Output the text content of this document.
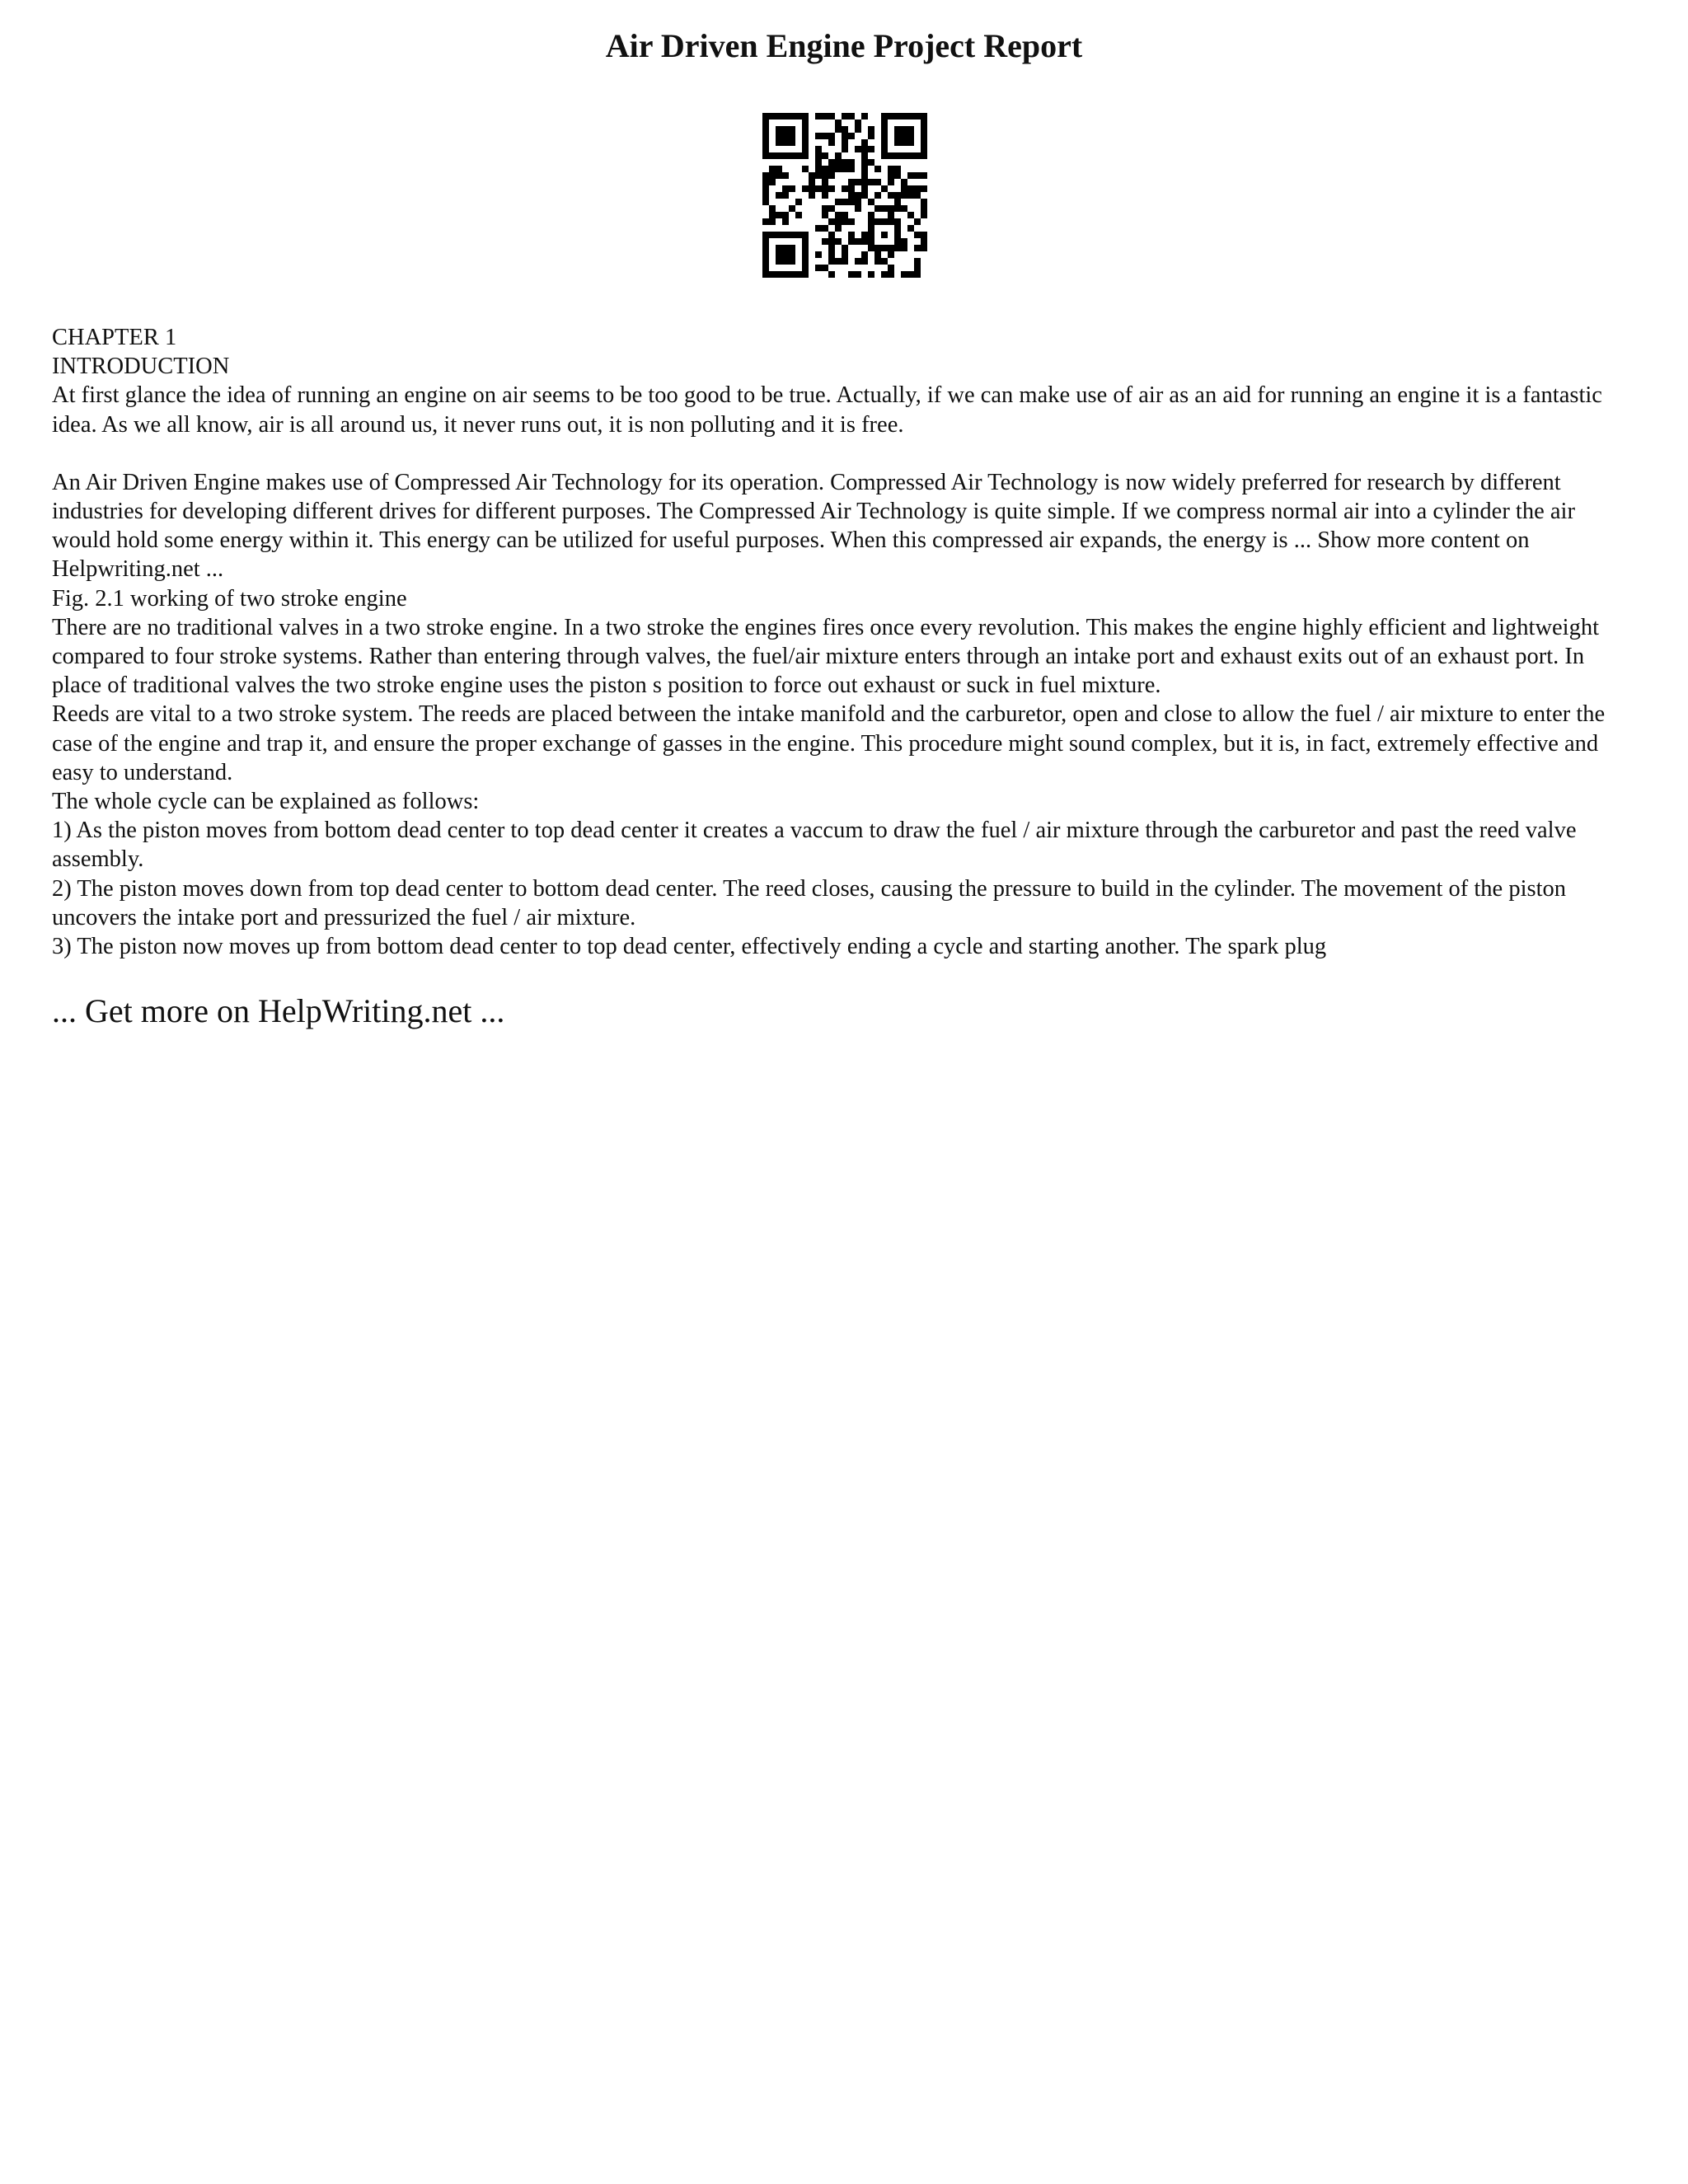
Air Driven Engine Project Report
CHAPTER 1
INTRODUCTION

At first glance the idea of running an engine on air seems to be too good to be true. Actually, if we can make use of air as an aid for running an engine it is a fantastic idea. As we all know, air is all around us, it never runs out, it is non polluting and it is free.

An Air Driven Engine makes use of Compressed Air Technology for its operation. Compressed Air Technology is now widely preferred for research by different industries for developing different drives for different purposes. The Compressed Air Technology is quite simple. If we compress normal air into a cylinder the air would hold some energy within it. This energy can be utilized for useful purposes. When this compressed air expands, the energy is ... Show more content on Helpwriting.net ...

Fig. 2.1 working of two stroke engine

There are no traditional valves in a two stroke engine. In a two stroke the engines fires once every revolution. This makes the engine highly efficient and lightweight compared to four stroke systems. Rather than entering through valves, the fuel/air mixture enters through an intake port and exhaust exits out of an exhaust port. In place of traditional valves the two stroke engine uses the piston s position to force out exhaust or suck in fuel mixture.

Reeds are vital to a two stroke system. The reeds are placed between the intake manifold and the carburetor, open and close to allow the fuel / air mixture to enter the case of the engine and trap it, and ensure the proper exchange of gasses in the engine. This procedure might sound complex, but it is, in fact, extremely effective and easy to understand.

The whole cycle can be explained as follows:

1) As the piston moves from bottom dead center to top dead center it creates a vaccum to draw the fuel / air mixture through the carburetor and past the reed valve assembly.

2) The piston moves down from top dead center to bottom dead center. The reed closes, causing the pressure to build in the cylinder. The movement of the piston uncovers the intake port and pressurized the fuel / air mixture.

3) The piston now moves up from bottom dead center to top dead center, effectively ending a cycle and starting another. The spark plug

... Get more on HelpWriting.net ...
